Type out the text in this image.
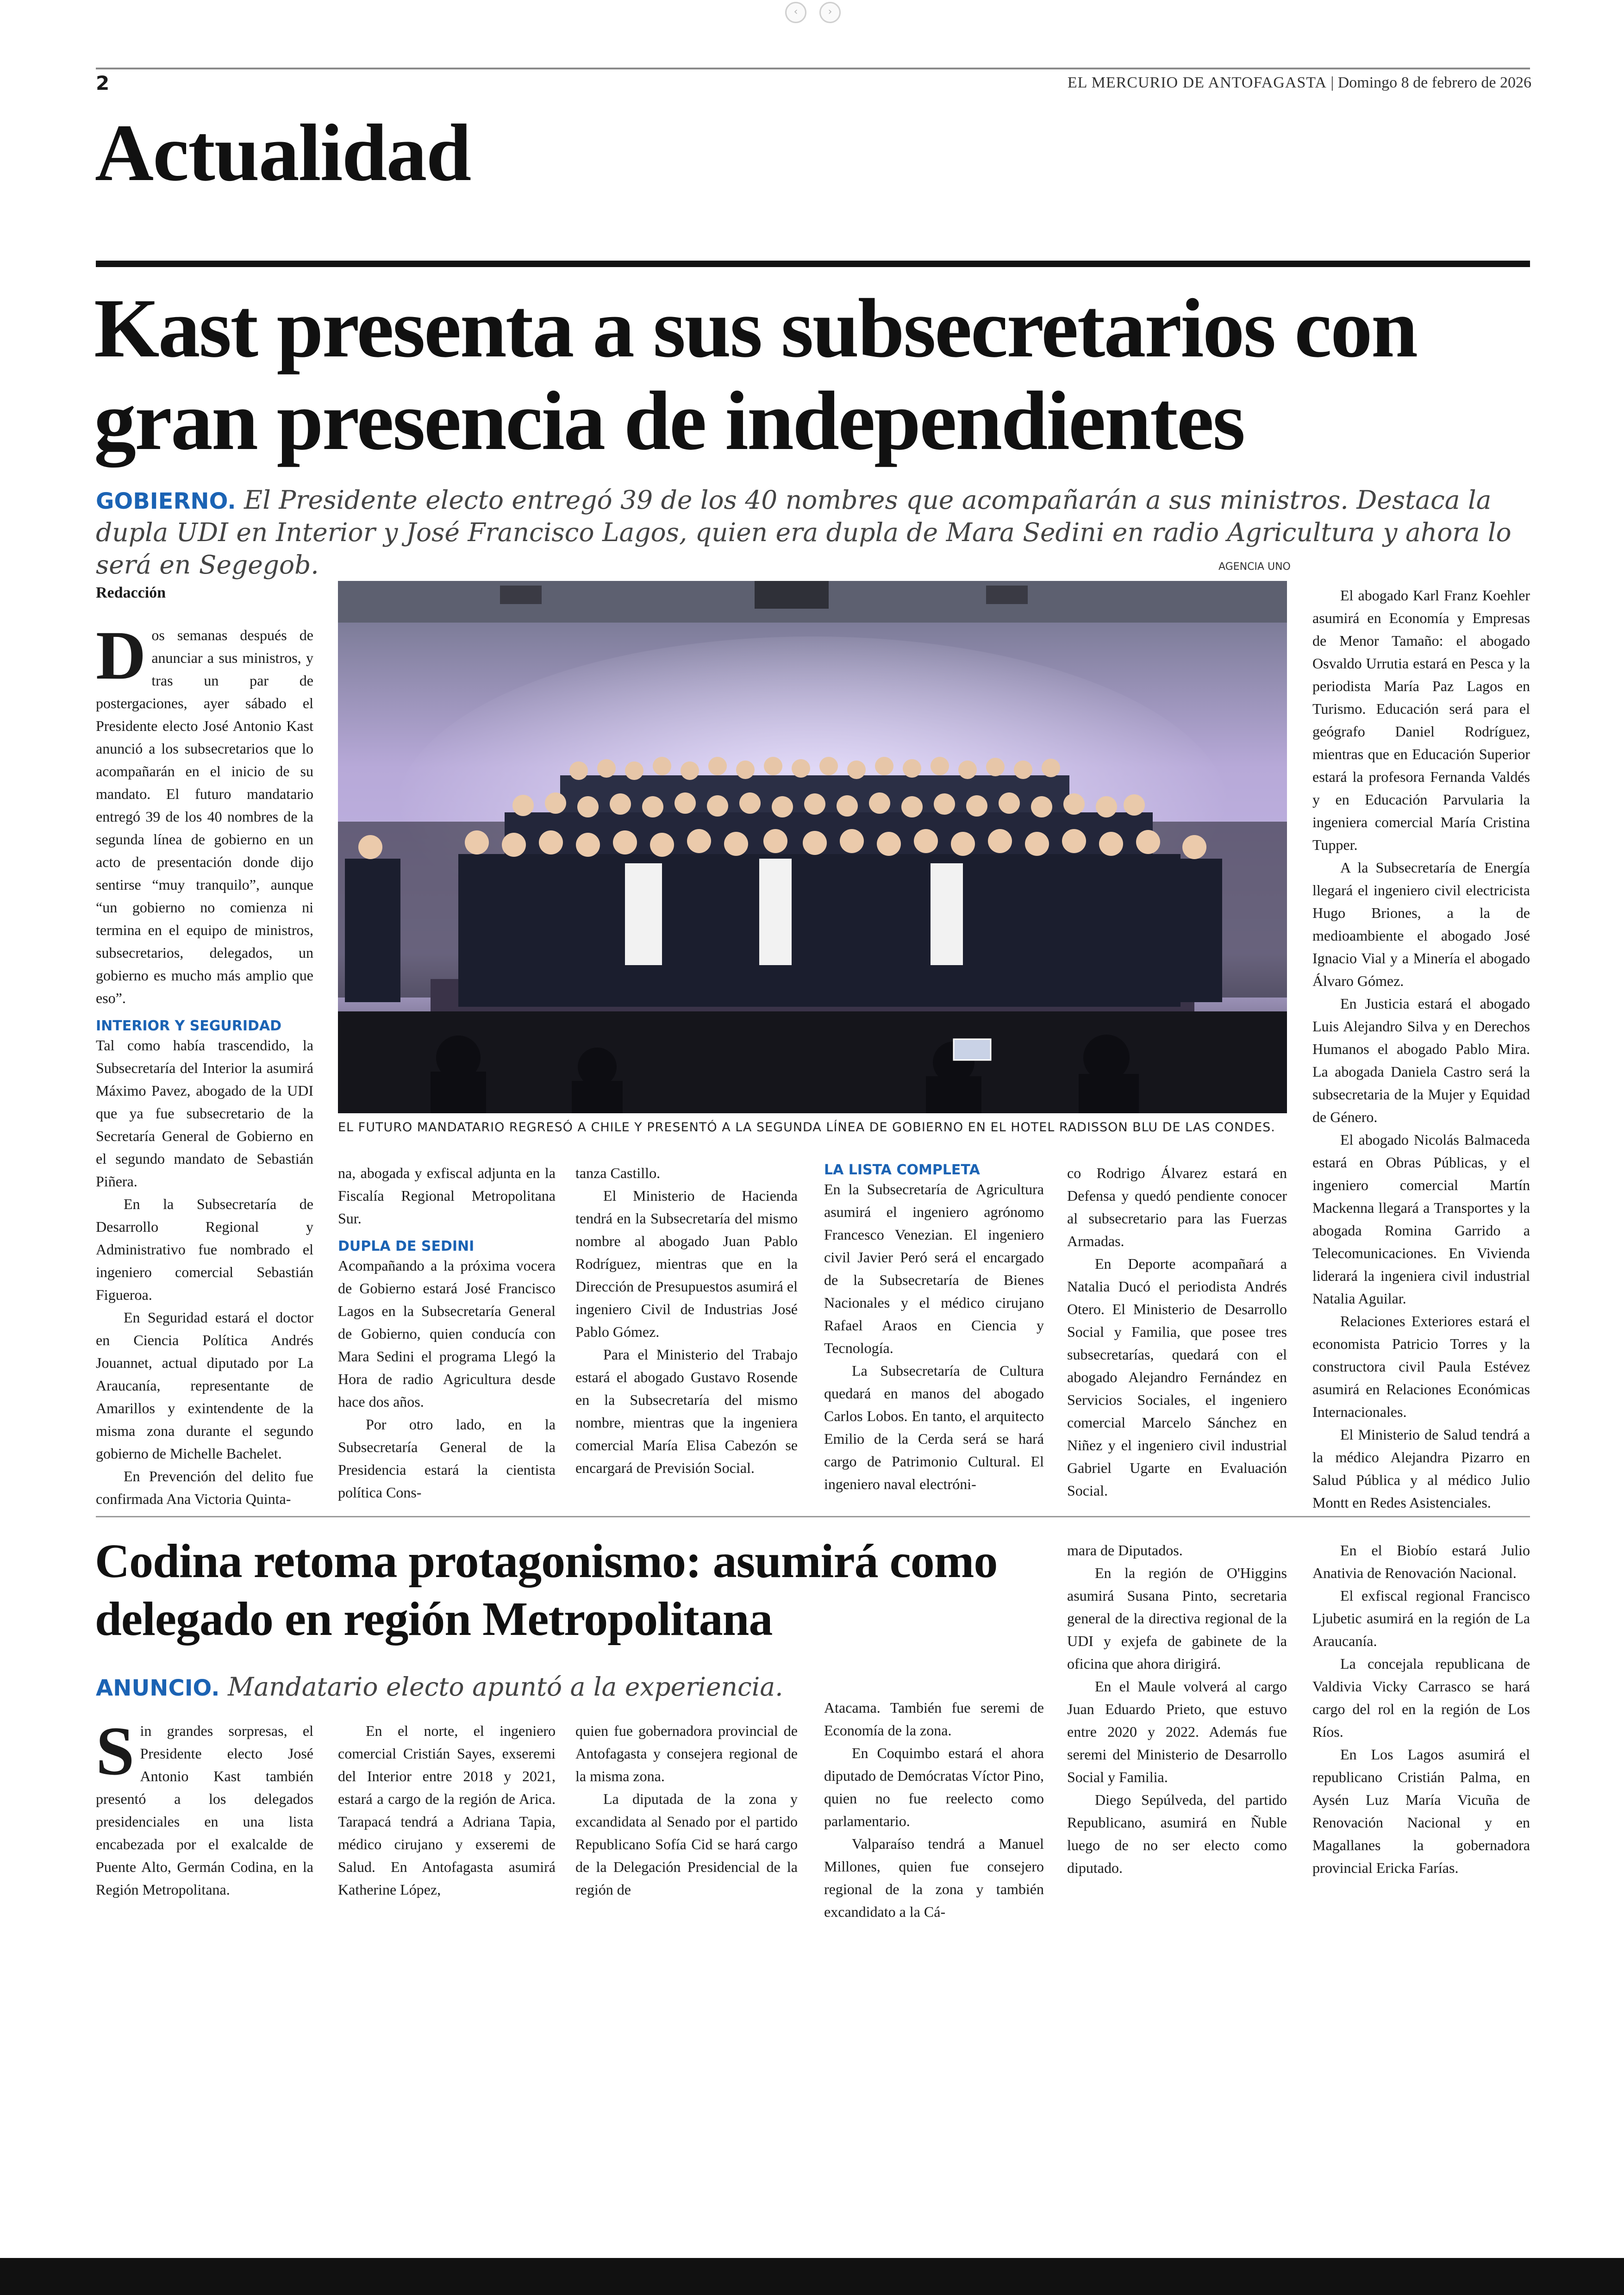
‹	›
2	EL MERCURIO DE ANTOFAGASTA | Domingo 8 de febrero de 2026
Actualidad
Kast presenta a sus subsecretarios con gran presencia de independientes
GOBIERNO. El Presidente electo entregó 39 de los 40 nombres que acompañarán a sus ministros. Destaca la dupla UDI en Interior y José Francisco Lagos, quien era dupla de Mara Sedini en radio Agricultura y ahora lo será en Segegob.	AGENCIA UNO
EL FUTURO MANDATARIO REGRESÓ A CHILE Y PRESENTÓ A LA SEGUNDA LÍNEA DE GOBIERNO EN EL HOTEL RADISSON BLU DE LAS CONDES.
Redacción

Dos semanas después de anunciar a sus ministros, y tras un par de postergaciones, ayer sábado el Presidente electo José Antonio Kast anunció a los subsecretarios que lo acompañarán en el inicio de su mandato. El futuro mandatario entregó 39 de los 40 nombres de la segunda línea de gobierno en un acto de presentación donde dijo sentirse “muy tranquilo”, aunque “un gobierno no comienza ni termina en el equipo de ministros, subsecretarios, delegados, un gobierno es mucho más amplio que eso”.

INTERIOR Y SEGURIDAD

Tal como había trascendido, la Subsecretaría del Interior la asumirá Máximo Pavez, abogado de la UDI que ya fue subsecretario de la Secretaría General de Gobierno en el segundo mandato de Sebastián Piñera.

En la Subsecretaría de Desarrollo Regional y Administrativo fue nombrado el ingeniero comercial Sebastián Figueroa.

En Seguridad estará el doctor en Ciencia Política Andrés Jouannet, actual diputado por La Araucanía, representante de Amarillos y exintendente de la misma zona durante el segundo gobierno de Michelle Bachelet.

En Prevención del delito fue confirmada Ana Victoria Quinta-

na, abogada y exfiscal adjunta en la Fiscalía Regional Metropolitana Sur.

DUPLA DE SEDINI

Acompañando a la próxima vocera de Gobierno estará José Francisco Lagos en la Subsecretaría General de Gobierno, quien conducía con Mara Sedini el programa Llegó la Hora de radio Agricultura desde hace dos años.

Por otro lado, en la Subsecretaría General de la Presidencia estará la cientista política Cons-

tanza Castillo.

El Ministerio de Hacienda tendrá en la Subsecretaría del mismo nombre al abogado Juan Pablo Rodríguez, mientras que en la Dirección de Presupuestos asumirá el ingeniero Civil de Industrias José Pablo Gómez.

Para el Ministerio del Trabajo estará el abogado Gustavo Rosende en la Subsecretaría del mismo nombre, mientras que la ingeniera comercial María Elisa Cabezón se encargará de Previsión Social.

LA LISTA COMPLETA

En la Subsecretaría de Agricultura asumirá el ingeniero agrónomo Francesco Venezian. El ingeniero civil Javier Peró será el encargado de la Subsecretaría de Bienes Nacionales y el médico cirujano Rafael Araos en Ciencia y Tecnología.

La Subsecretaría de Cultura quedará en manos del abogado Carlos Lobos. En tanto, el arquitecto Emilio de la Cerda será se hará cargo de Patrimonio Cultural. El ingeniero naval electróni-

co Rodrigo Álvarez estará en Defensa y quedó pendiente conocer al subsecretario para las Fuerzas Armadas.

En Deporte acompañará a Natalia Ducó el periodista Andrés Otero. El Ministerio de Desarrollo Social y Familia, que posee tres subsecretarías, quedará con el abogado Alejandro Fernández en Servicios Sociales, el ingeniero comercial Marcelo Sánchez en Niñez y el ingeniero civil industrial Gabriel Ugarte en Evaluación Social.

El abogado Karl Franz Koehler asumirá en Economía y Empresas de Menor Tamaño: el abogado Osvaldo Urrutia estará en Pesca y la periodista María Paz Lagos en Turismo. Educación será para el geógrafo Daniel Rodríguez, mientras que en Educación Superior estará la profesora Fernanda Valdés y en Educación Parvularia la ingeniera comercial María Cristina Tupper.

A la Subsecretaría de Energía llegará el ingeniero civil electricista Hugo Briones, a la de medioambiente el abogado José Ignacio Vial y a Minería el abogado Álvaro Gómez.

En Justicia estará el abogado Luis Alejandro Silva y en Derechos Humanos el abogado Pablo Mira. La abogada Daniela Castro será la subsecretaria de la Mujer y Equidad de Género.

El abogado Nicolás Balmaceda estará en Obras Públicas, y el ingeniero comercial Martín Mackenna llegará a Transportes y la abogada Romina Garrido a Telecomunicaciones. En Vivienda liderará la ingeniera civil industrial Natalia Aguilar.

Relaciones Exteriores estará el economista Patricio Torres y la constructora civil Paula Estévez asumirá en Relaciones Económicas Internacionales.

El Ministerio de Salud tendrá a la médico Alejandra Pizarro en Salud Pública y al médico Julio Montt en Redes Asistenciales.

Codina retoma protagonismo: asumirá como delegado en región Metropolitana
ANUNCIO. Mandatario electo apuntó a la experiencia.

Sin grandes sorpresas, el Presidente electo José Antonio Kast también presentó a los delegados presidenciales en una lista encabezada por el exalcalde de Puente Alto, Germán Codina, en la Región Metropolitana.

En el norte, el ingeniero comercial Cristián Sayes, exseremi del Interior entre 2018 y 2021, estará a cargo de la región de Arica. Tarapacá tendrá a Adriana Tapia, médico cirujano y exseremi de Salud. En Antofagasta asumirá Katherine López,

quien fue gobernadora provincial de Antofagasta y consejera regional de la misma zona.

La diputada de la zona y excandidata al Senado por el partido Republicano Sofía Cid se hará cargo de la Delegación Presidencial de la región de

Atacama. También fue seremi de Economía de la zona.

En Coquimbo estará el ahora diputado de Demócratas Víctor Pino, quien no fue reelecto como parlamentario.

Valparaíso tendrá a Manuel Millones, quien fue consejero regional de la zona y también excandidato a la Cá-

mara de Diputados.

En la región de O'Higgins asumirá Susana Pinto, secretaria general de la directiva regional de la UDI y exjefa de gabinete de la oficina que ahora dirigirá.

En el Maule volverá al cargo Juan Eduardo Prieto, que estuvo entre 2020 y 2022. Además fue seremi del Ministerio de Desarrollo Social y Familia.

Diego Sepúlveda, del partido Republicano, asumirá en Ñuble luego de no ser electo como diputado.

En el Biobío estará Julio Anativia de Renovación Nacional.

El exfiscal regional Francisco Ljubetic asumirá en la región de La Araucanía.

La concejala republicana de Valdivia Vicky Carrasco se hará cargo del rol en la región de Los Ríos.

En Los Lagos asumirá el republicano Cristián Palma, en Aysén Luz María Vicuña de Renovación Nacional y en Magallanes la gobernadora provincial Ericka Farías.
